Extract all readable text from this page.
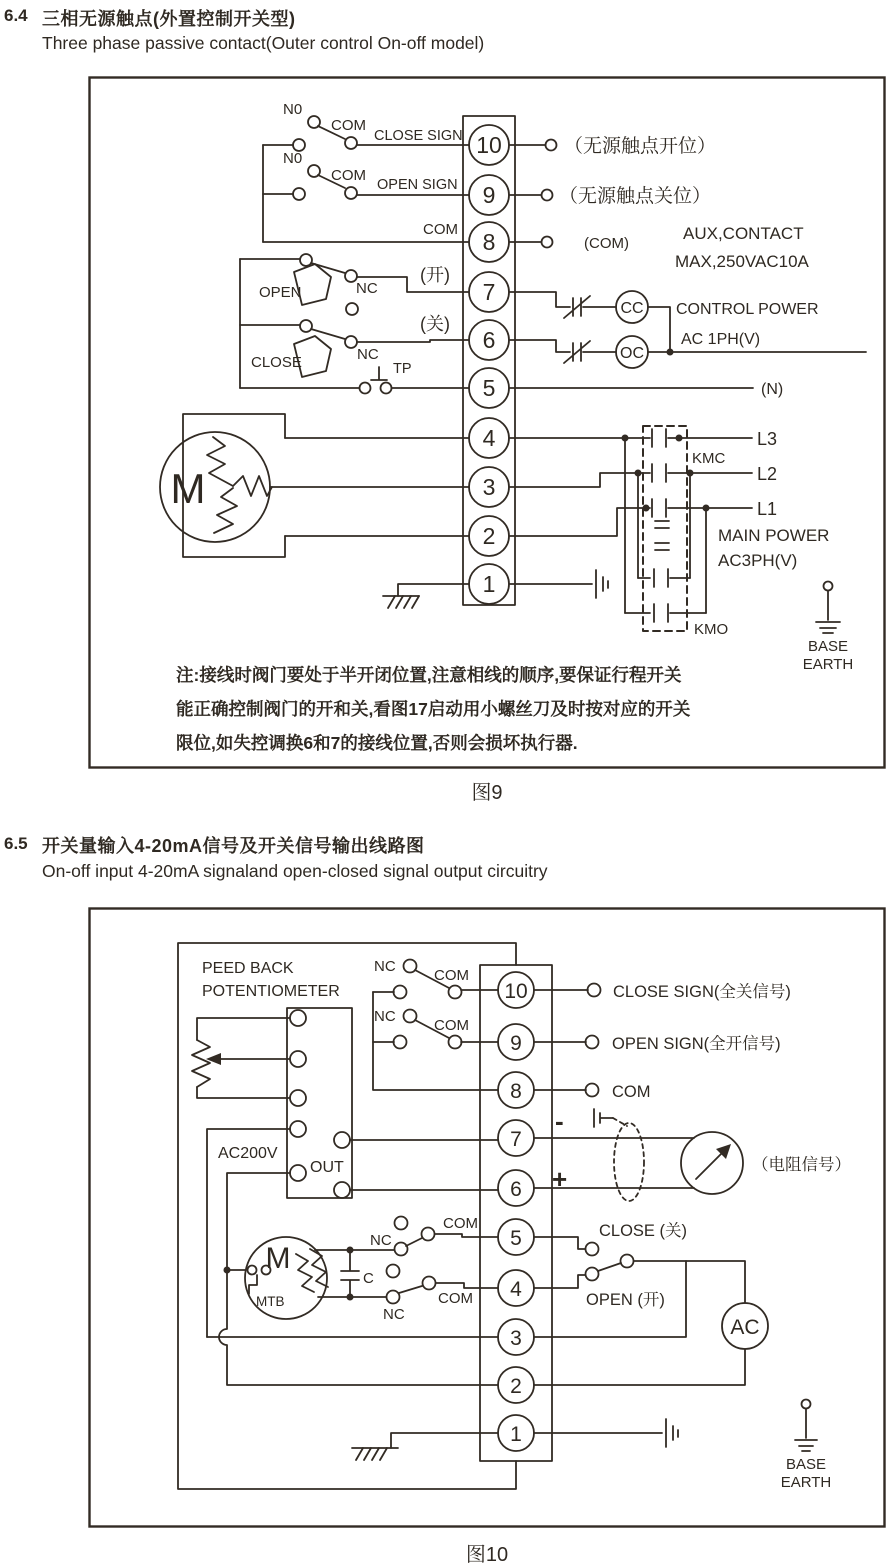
6.4 三相无源触点(外置控制开关型)
Three phase passive contact(Outer control On-off model)
10
9
8
7
6
5
4
3
2
1
N0
COM
CLOSE SIGN
N0
COM
OPEN SIGN
COM
OPEN	NC
(开)
CLOSE	NC
(关)
TP
M
（无源触点开位）
（无源触点关位）
(COM)
AUX,CONTACT
MAX,250VAC10A
CC
OC
CONTROL POWER
AC 1PH(V)
(N)
KMC
KMO
L3
L2
L1
MAIN POWER
AC3PH(V)
BASE
EARTH
注:接线时阀门要处于半开闭位置,注意相线的顺序,要保证行程开关
能正确控制阀门的开和关,看图17启动用小螺丝刀及时按对应的开关
限位,如失控调换6和7的接线位置,否则会损坏执行器.
图9
6.5 开关量输入4-20mA信号及开关信号输出线路图
On-off input 4-20mA signaland open-closed signal output circuitry
10
9
8
7
6
5
4
3
2
1
PEED BACK
POTENTIOMETER
AC200V
OUT
NC
COM
NC
COM
CLOSE SIGN(全关信号)
OPEN SIGN(全开信号)
COM
-
+	（电阻信号）
CLOSE (关)
OPEN (开)
AC
M
MTB
C
NC
COM
NC
COM
BASE
EARTH
图10
